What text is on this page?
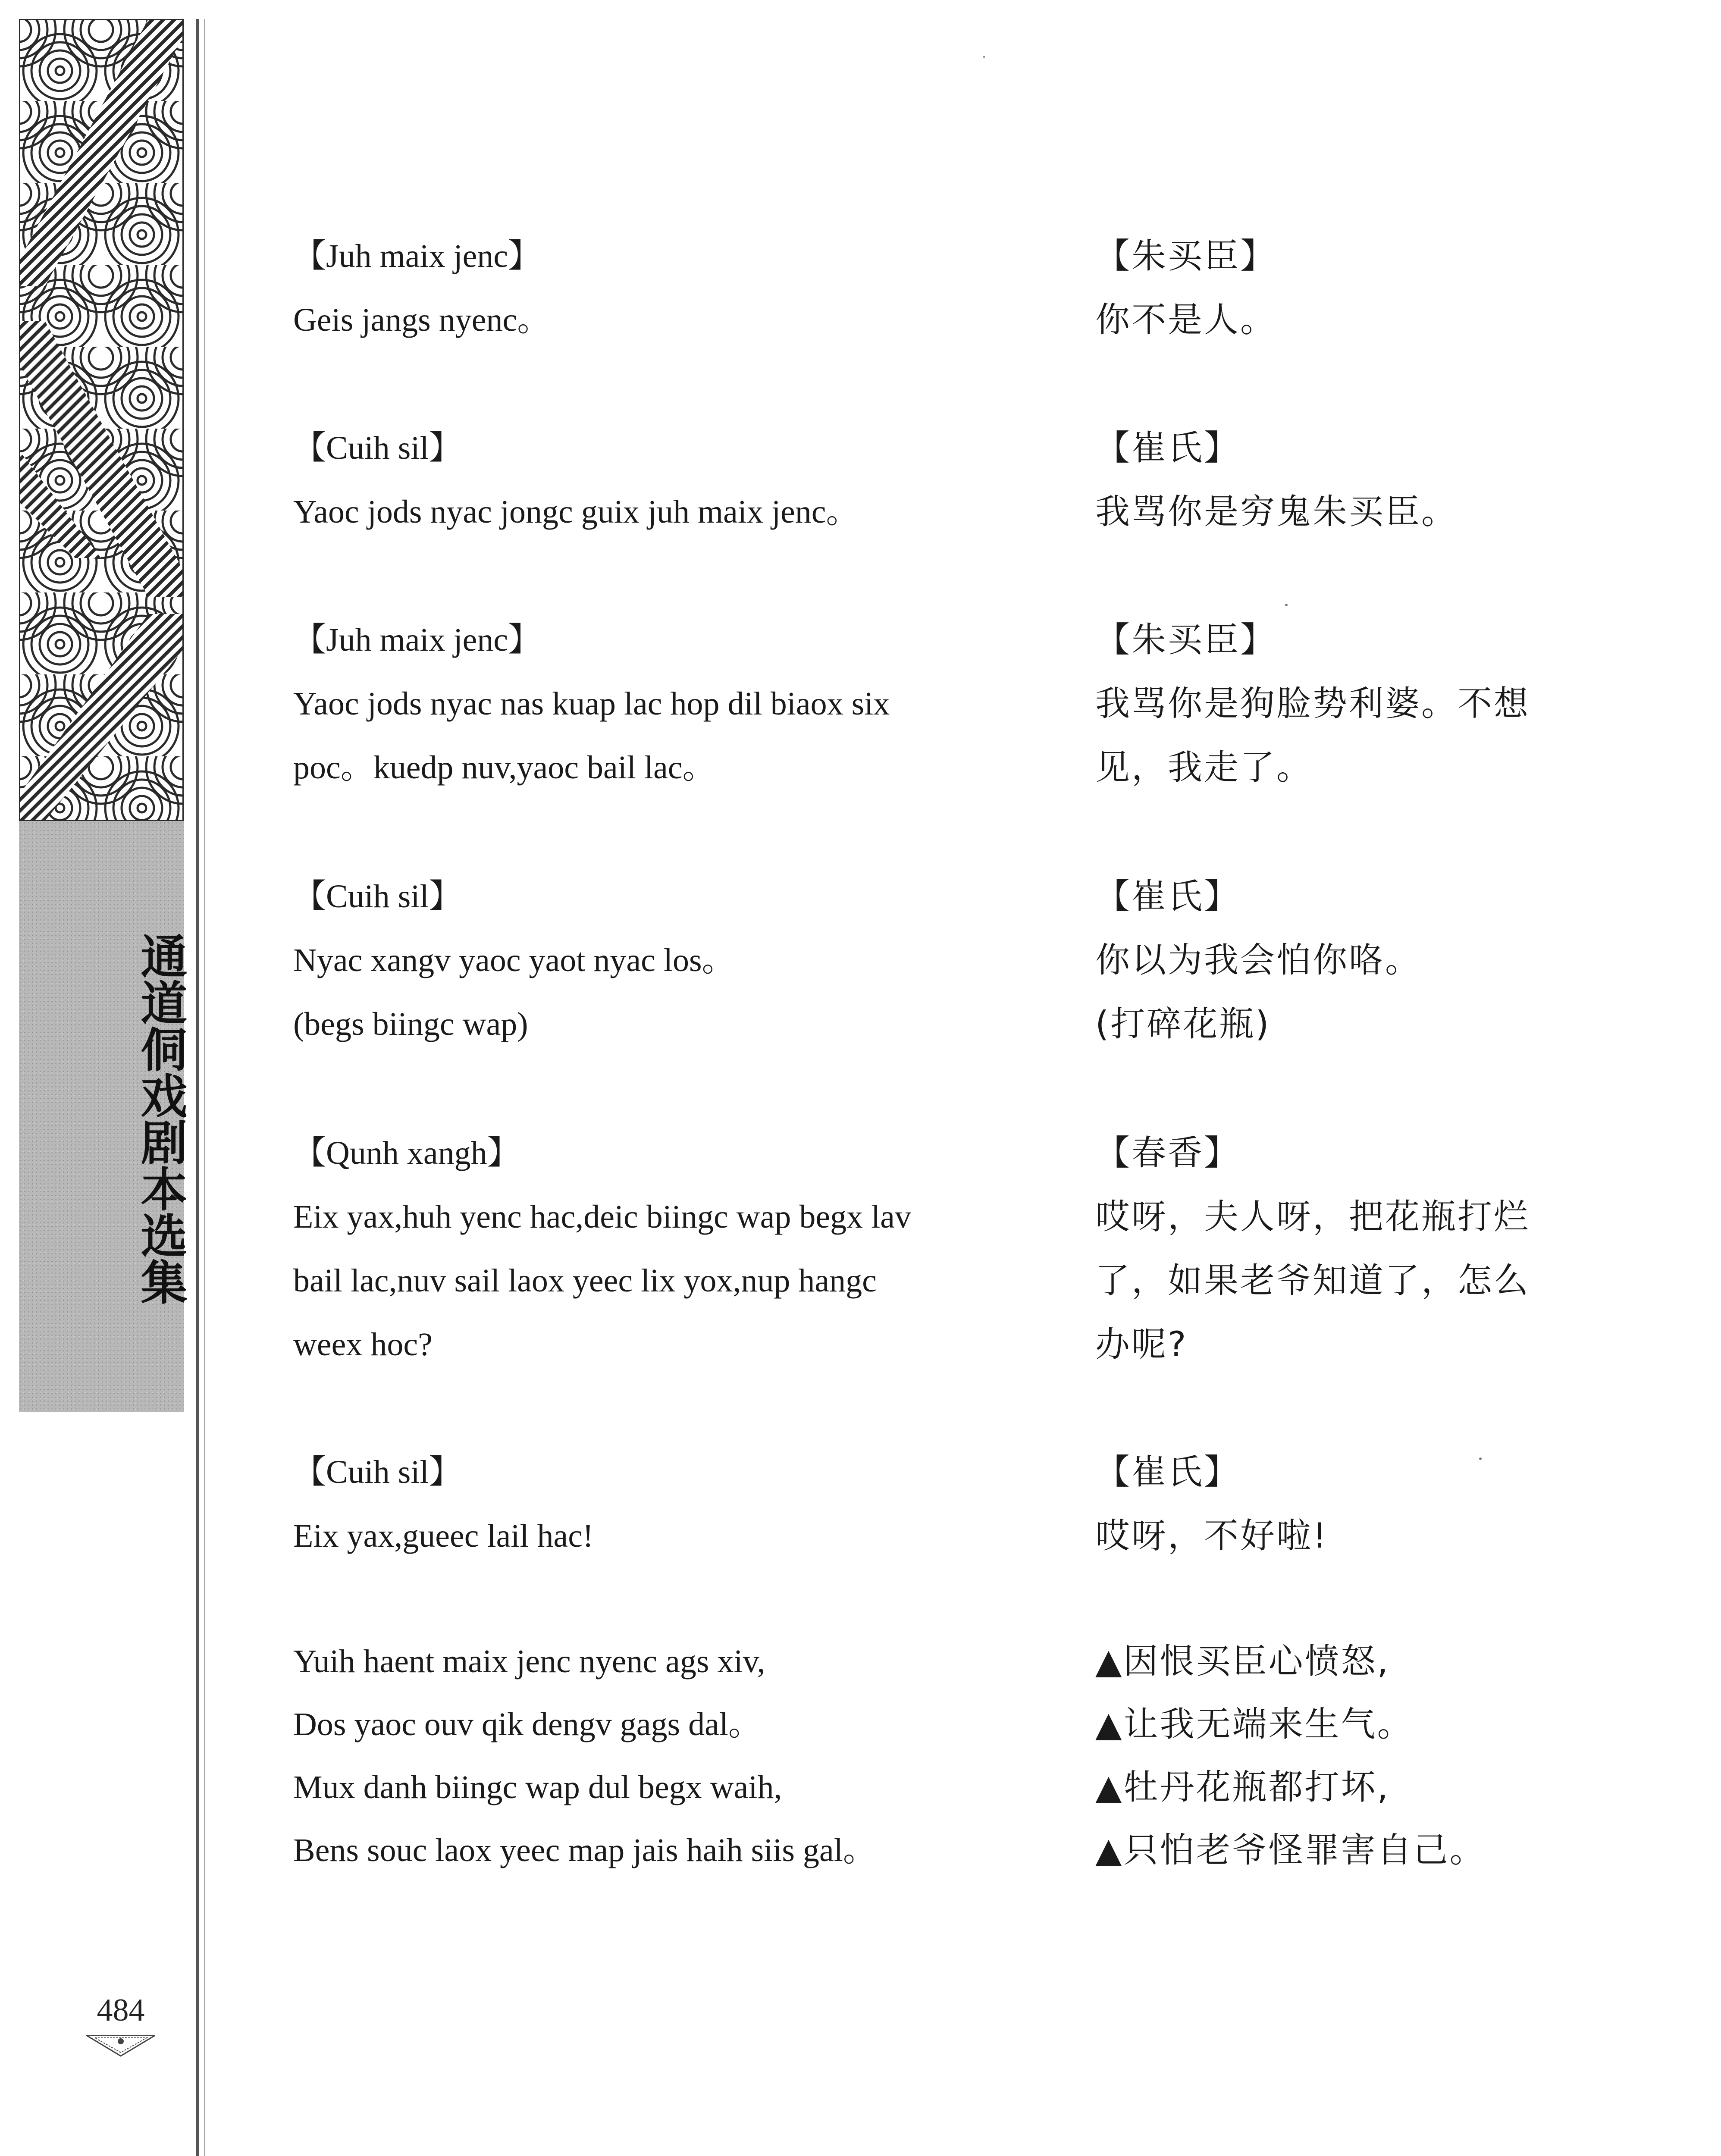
通道侗戏剧本选集
484
【Juh maix jenc】
Geis jangs nyenc。
【朱买臣】
你不是人。
【Cuih sil】
Yaoc jods nyac jongc guix juh maix jenc。
【崔氏】
我骂你是穷鬼朱买臣。
【Juh maix jenc】
Yaoc jods nyac nas kuap lac hop dil biaox six
poc。kuedp nuv,yaoc bail lac。
【朱买臣】
我骂你是狗脸势利婆。不想
见，我走了。
【Cuih sil】
Nyac xangv yaoc yaot nyac los。
(begs biingc wap)
【崔氏】
你以为我会怕你咯。
(打碎花瓶)
【Qunh xangh】
Eix yax,huh yenc hac,deic biingc wap begx lav
bail lac,nuv sail laox yeec lix yox,nup hangc
weex hoc?
【春香】
哎呀，夫人呀，把花瓶打烂
了，如果老爷知道了，怎么
办呢?
【Cuih sil】
Eix yax,gueec lail hac!
【崔氏】
哎呀，不好啦!
Yuih haent maix jenc nyenc ags xiv,
Dos yaoc ouv qik dengv gags dal。
Mux danh biingc wap dul begx waih,
Bens souc laox yeec map jais haih siis gal。
▲因恨买臣心愤怒,
▲让我无端来生气。
▲牡丹花瓶都打坏,
▲只怕老爷怪罪害自己。
